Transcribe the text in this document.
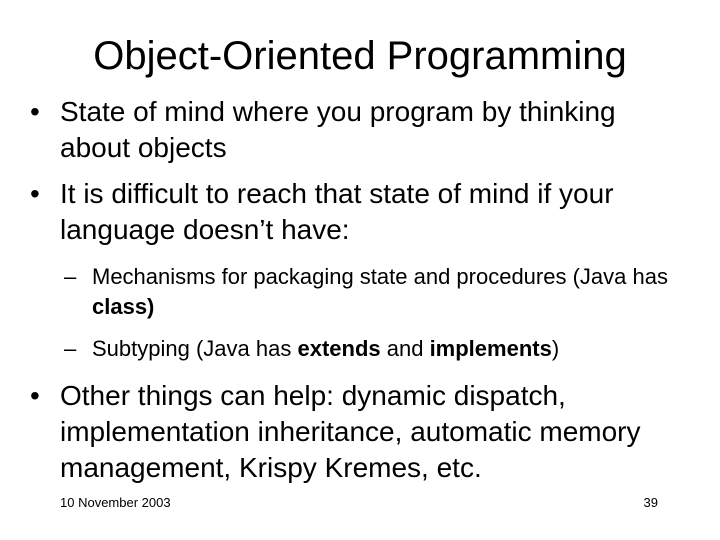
Object-Oriented Programming
• State of mind where you program by thinking about objects
• It is difficult to reach that state of mind if your language doesn’t have:
– Mechanisms for packaging state and procedures (Java has class)
– Subtyping (Java has extends and implements)
• Other things can help: dynamic dispatch, implementation inheritance, automatic memory management, Krispy Kremes, etc.
10 November 2003	39
